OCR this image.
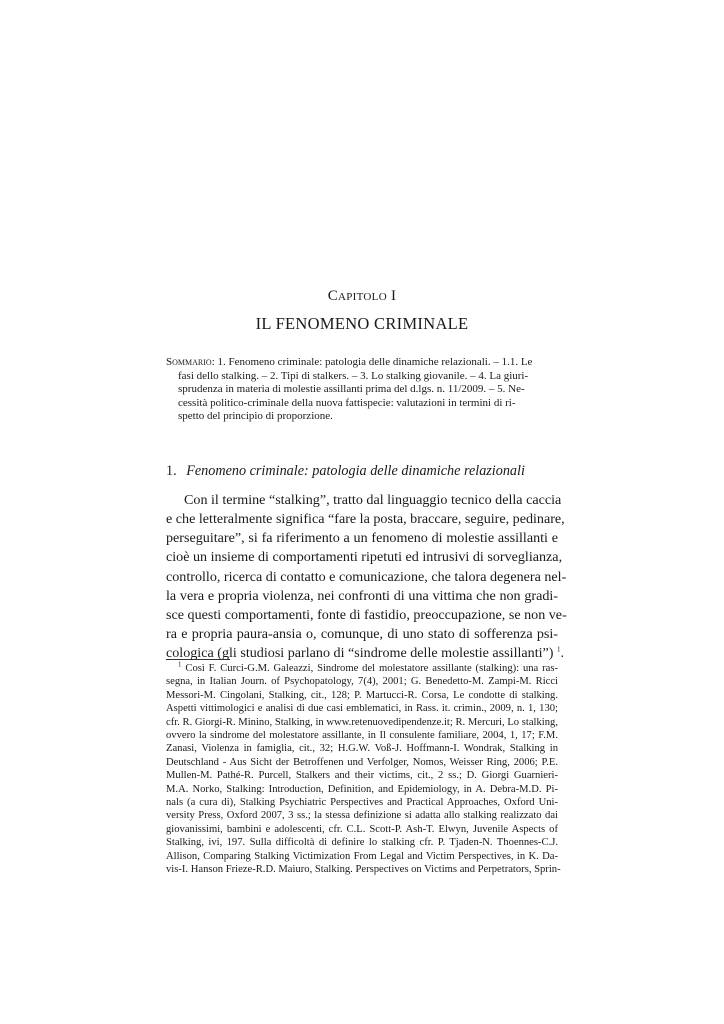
Capitolo I
IL FENOMENO CRIMINALE
Sommario: 1. Fenomeno criminale: patologia delle dinamiche relazionali. – 1.1. Le
fasi dello stalking. – 2. Tipi di stalkers. – 3. Lo stalking giovanile. – 4. La giuri-
sprudenza in materia di molestie assillanti prima del d.lgs. n. 11/2009. – 5. Ne-
cessità politico-criminale della nuova fattispecie: valutazioni in termini di ri-
spetto del principio di proporzione.
1. Fenomeno criminale: patologia delle dinamiche relazionali
Con il termine “stalking”, tratto dal linguaggio tecnico della caccia
e che letteralmente significa “fare la posta, braccare, seguire, pedinare,
perseguitare”, si fa riferimento a un fenomeno di molestie assillanti e
cioè un insieme di comportamenti ripetuti ed intrusivi di sorveglianza,
controllo, ricerca di contatto e comunicazione, che talora degenera nel-
la vera e propria violenza, nei confronti di una vittima che non gradi-
sce questi comportamenti, fonte di fastidio, preoccupazione, se non ve-
ra e propria paura-ansia o, comunque, di uno stato di sofferenza psi-
cologica (gli studiosi parlano di “sindrome delle molestie assillanti”) $^1$.
$^1$ Così F. Curci-G.M. Galeazzi, Sindrome del molestatore assillante (stalking): una ras-
segna, in Italian Journ. of Psychopatology, 7(4), 2001; G. Benedetto-M. Zampi-M. Ricci
Messori-M. Cingolani, Stalking, cit., 128; P. Martucci-R. Corsa, Le condotte di stalking.
Aspetti vittimologici e analisi di due casi emblematici, in Rass. it. crimin., 2009, n. 1, 130;
cfr. R. Giorgi-R. Minino, Stalking, in www.retenuovedipendenze.it; R. Mercuri, Lo stalking,
ovvero la sindrome del molestatore assillante, in Il consulente familiare, 2004, 1, 17; F.M.
Zanasi, Violenza in famiglia, cit., 32; H.G.W. Voß-J. Hoffmann-I. Wondrak, Stalking in
Deutschland - Aus Sicht der Betroffenen und Verfolger, Nomos, Weisser Ring, 2006; P.E.
Mullen-M. Pathé-R. Purcell, Stalkers and their victims, cit., 2 ss.; D. Giorgi Guarnieri-
M.A. Norko, Stalking: Introduction, Definition, and Epidemiology, in A. Debra-M.D. Pi-
nals (a cura di), Stalking Psychiatric Perspectives and Practical Approaches, Oxford Uni-
versity Press, Oxford 2007, 3 ss.; la stessa definizione si adatta allo stalking realizzato dai
giovanissimi, bambini e adolescenti, cfr. C.L. Scott-P. Ash-T. Elwyn, Juvenile Aspects of
Stalking, ivi, 197. Sulla difficoltà di definire lo stalking cfr. P. Tjaden-N. Thoennes-C.J.
Allison, Comparing Stalking Victimization From Legal and Victim Perspectives, in K. Da-
vis-I. Hanson Frieze-R.D. Maiuro, Stalking. Perspectives on Victims and Perpetrators, Sprin-
